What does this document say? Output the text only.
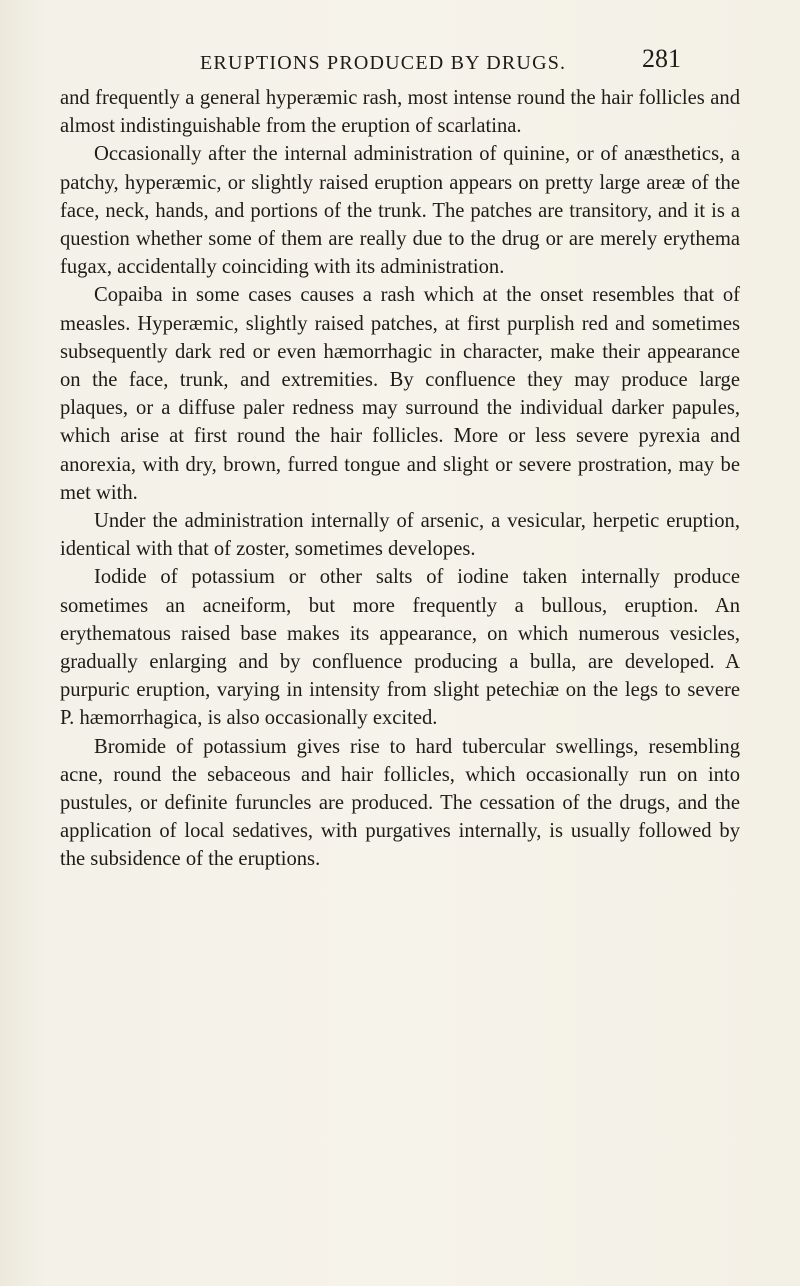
ERUPTIONS PRODUCED BY DRUGS.	281

and frequently a general hyperæmic rash, most intense round the hair follicles and almost indistinguishable from the eruption of scarlatina.

Occasionally after the internal administration of quinine, or of anæsthetics, a patchy, hyperæmic, or slightly raised eruption appears on pretty large areæ of the face, neck, hands, and portions of the trunk. The patches are transitory, and it is a question whether some of them are really due to the drug or are merely erythema fugax, accidentally coinciding with its administration.

Copaiba in some cases causes a rash which at the onset resembles that of measles. Hyperæmic, slightly raised patches, at first purplish red and sometimes subsequently dark red or even hæmorrhagic in character, make their appearance on the face, trunk, and extremities. By confluence they may produce large plaques, or a diffuse paler redness may surround the individual darker papules, which arise at first round the hair follicles. More or less severe pyrexia and anorexia, with dry, brown, furred tongue and slight or severe prostration, may be met with.

Under the administration internally of arsenic, a vesicular, herpetic eruption, identical with that of zoster, sometimes developes.

Iodide of potassium or other salts of iodine taken internally produce sometimes an acneiform, but more frequently a bullous, eruption. An erythematous raised base makes its appearance, on which numerous vesicles, gradually enlarging and by confluence producing a bulla, are developed. A purpuric eruption, varying in intensity from slight petechiæ on the legs to severe P. hæmorrhagica, is also occasionally excited.

Bromide of potassium gives rise to hard tubercular swellings, resembling acne, round the sebaceous and hair follicles, which occasionally run on into pustules, or definite furuncles are produced. The cessation of the drugs, and the application of local sedatives, with purgatives internally, is usually followed by the subsidence of the eruptions.
